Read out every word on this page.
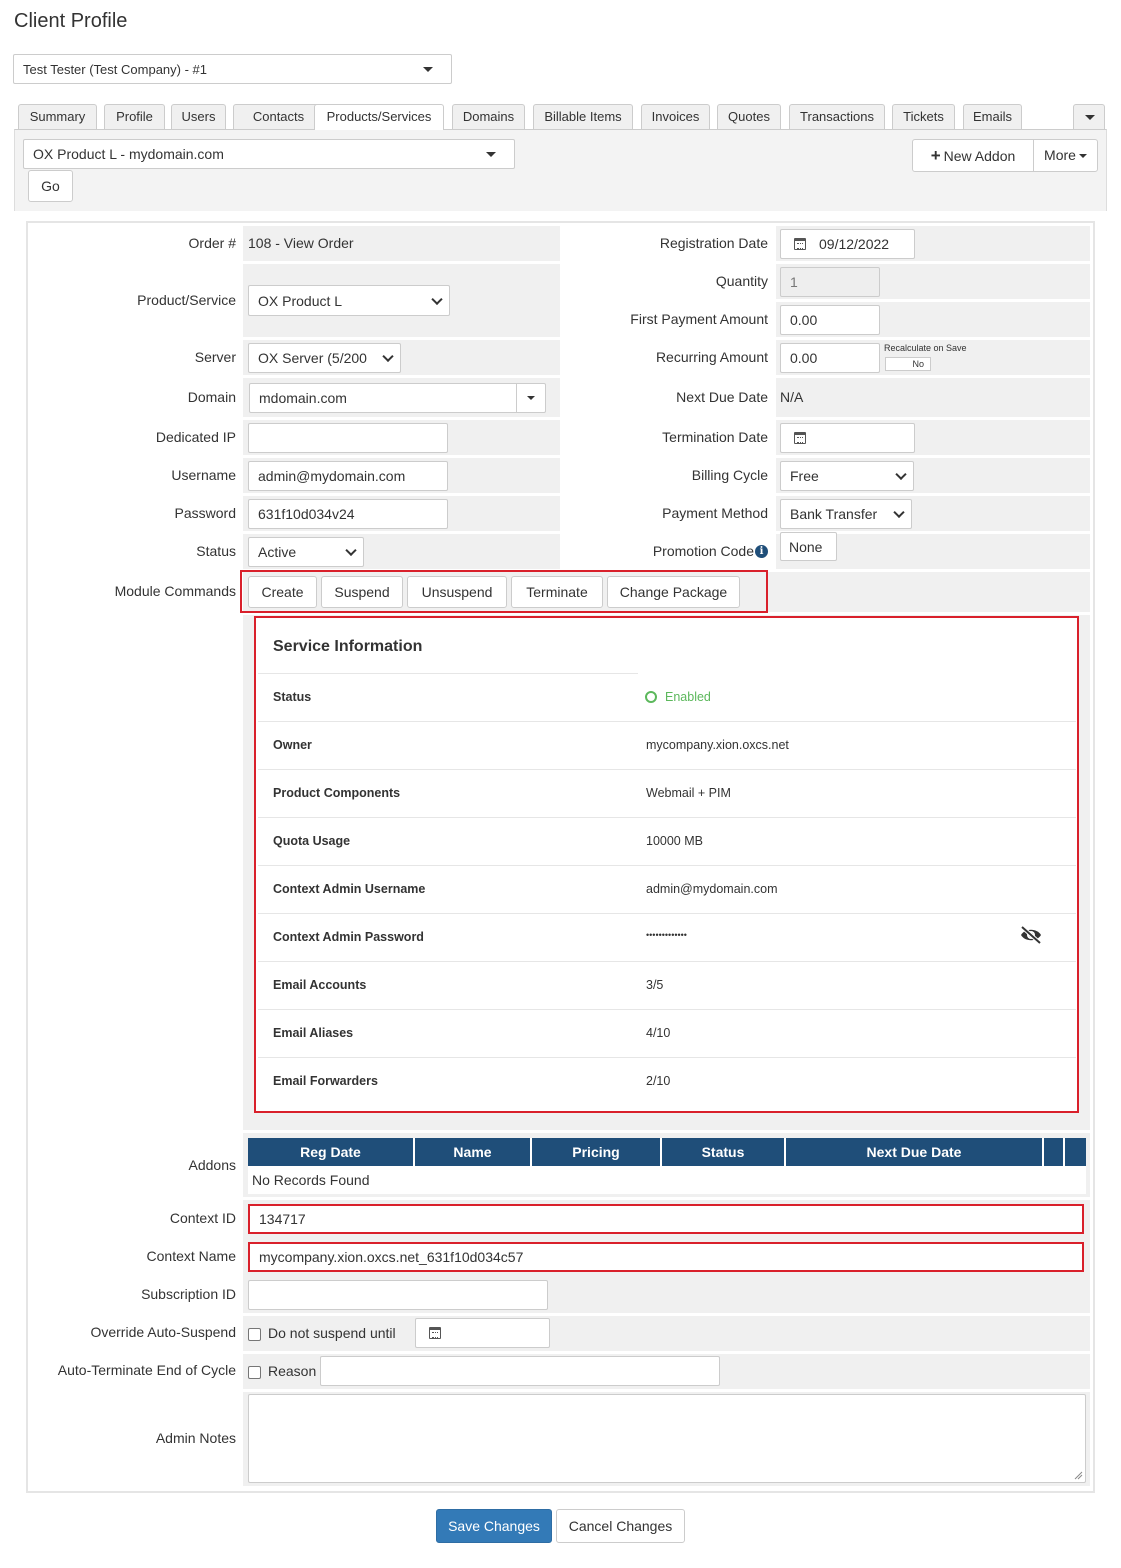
Client Profile
Test Tester (Test Company) - #1
Summary	Profile	Users	Contacts	Products/Services	Domains	Billable Items	Invoices	Quotes	Transactions	Tickets	Emails
OX Product L - mydomain.com
Go
+ New Addon	More
Order # 108 - View Order
Product/Service	OX Product L
Server	OX Server (5/200
Domain	mdomain.com
Dedicated IP
Username	admin@mydomain.com
Password	631f10d034v24
Status	Active
Registration Date	09/12/2022
Quantity	1
First Payment Amount	0.00
Recurring Amount	0.00
Recalculate on Save
No
Next Due Date N/A
Termination Date
Billing Cycle	Free
Payment Method	Bank Transfer
Promotion Code i	None
Module Commands	Create	Suspend	Unsuspend	Terminate	Change Package
Service Information
Status	Enabled
Owner	mycompany.xion.oxcs.net
Product Components	Webmail + PIM
Quota Usage	10000 MB
Context Admin Username	admin@mydomain.com
Context Admin Password	•••••••••••••
Email Accounts	3/5
Email Aliases	4/10
Email Forwarders	2/10
Addons
Reg Date	Name	Pricing	Status	Next Due Date
No Records Found
Context ID	134717
Context Name	mycompany.xion.oxcs.net_631f10d034c57
Subscription ID
Override Auto-Suspend Do not suspend until
Auto-Terminate End of Cycle Reason
Admin Notes
Save Changes	Cancel Changes
